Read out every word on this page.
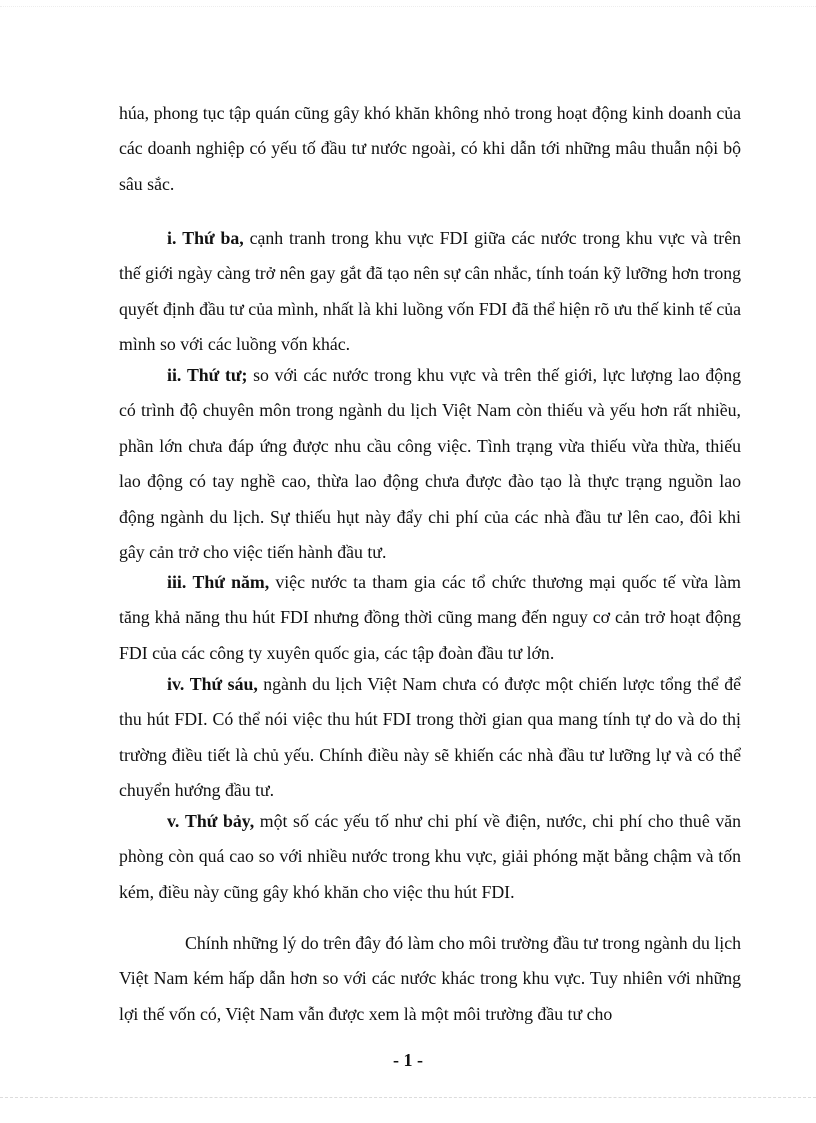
húa, phong tục tập quán cũng gây khó khăn không nhỏ trong hoạt động kinh doanh của các doanh nghiệp có yếu tố đầu tư nước ngoài, có khi dẫn tới những mâu thuẫn nội bộ sâu sắc.

i. Thứ ba, cạnh tranh trong khu vực FDI giữa các nước trong khu vực và trên thế giới ngày càng trở nên gay gắt đã tạo nên sự cân nhắc, tính toán kỹ lưỡng hơn trong quyết định đầu tư của mình, nhất là khi luồng vốn FDI đã thể hiện rõ ưu thế kinh tế của mình so với các luồng vốn khác.

ii. Thứ tư; so với các nước trong khu vực và trên thế giới, lực lượng lao động có trình độ chuyên môn trong ngành du lịch Việt Nam còn thiếu và yếu hơn rất nhiều, phần lớn chưa đáp ứng được nhu cầu công việc. Tình trạng vừa thiếu vừa thừa, thiếu lao động có tay nghề cao, thừa lao động chưa được đào tạo là thực trạng nguồn lao động ngành du lịch. Sự thiếu hụt này đẩy chi phí của các nhà đầu tư lên cao, đôi khi gây cản trở cho việc tiến hành đầu tư.

iii. Thứ năm, việc nước ta tham gia các tổ chức thương mại quốc tế vừa làm tăng khả năng thu hút FDI nhưng đồng thời cũng mang đến nguy cơ cản trở hoạt động FDI của các công ty xuyên quốc gia, các tập đoàn đầu tư lớn.

iv. Thứ sáu, ngành du lịch Việt Nam chưa có được một chiến lược tổng thể để thu hút FDI. Có thể nói việc thu hút FDI trong thời gian qua mang tính tự do và do thị trường điều tiết là chủ yếu. Chính điều này sẽ khiến các nhà đầu tư lưỡng lự và có thể chuyển hướng đầu tư.

v. Thứ bảy, một số các yếu tố như chi phí về điện, nước, chi phí cho thuê văn phòng còn quá cao so với nhiều nước trong khu vực, giải phóng mặt bằng chậm và tốn kém, điều này cũng gây khó khăn cho việc thu hút FDI.

Chính những lý do trên đây đó làm cho môi trường đầu tư trong ngành du lịch Việt Nam kém hấp dẫn hơn so với các nước khác trong khu vực. Tuy nhiên với những lợi thế vốn có, Việt Nam vẫn được xem là một môi trường đầu tư cho

- 1 -
